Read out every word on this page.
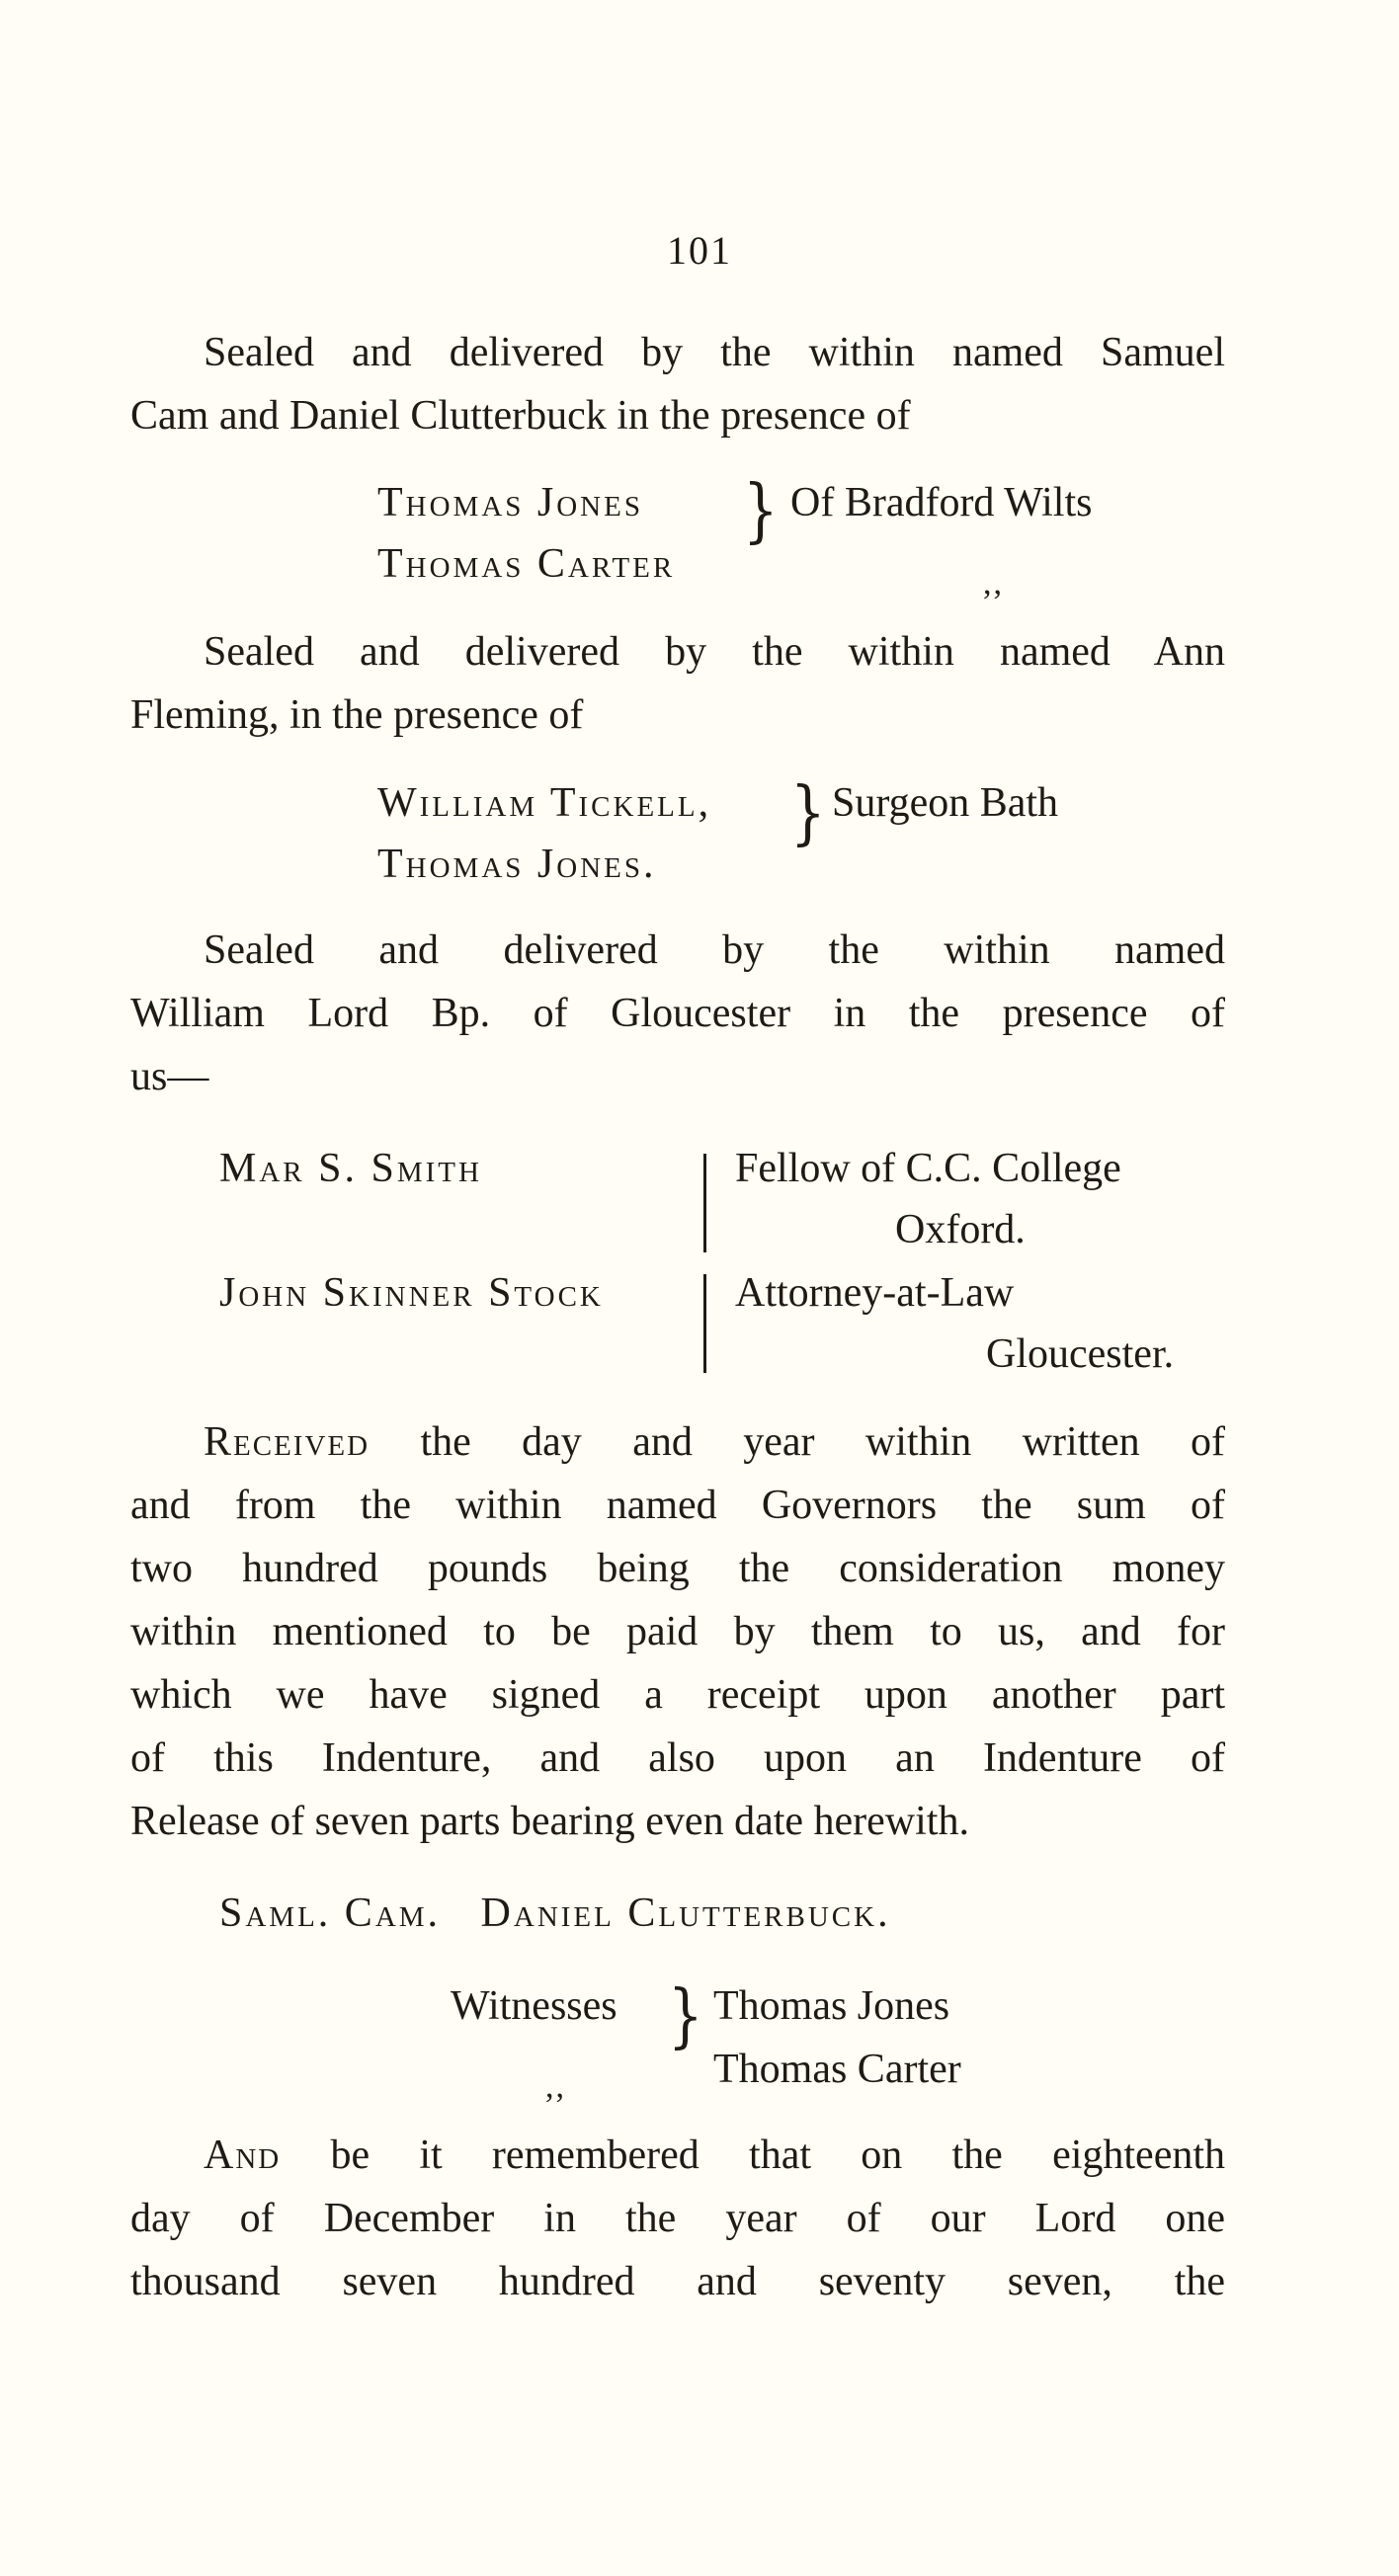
101
Sealed and delivered by the within named Samuel
Cam and Daniel Clutterbuck in the presence of
Thomas Jones
Thomas Carter
} Of Bradford Wilts
,,
Sealed and delivered by the within named Ann
Fleming, in the presence of
William Tickell,
Thomas Jones.
} Surgeon Bath
Sealed and delivered by the within named
William Lord Bp. of Gloucester in the presence of
us—
Mar S. Smith
John Skinner Stock
Fellow of C.C. College
Oxford.
Attorney-at-Law
Gloucester.
Received the day and year within written of
and from the within named Governors the sum of
two hundred pounds being the consideration money
within mentioned to be paid by them to us, and for
which we have signed a receipt upon another part
of this Indenture, and also upon an Indenture of
Release of seven parts bearing even date herewith.
Saml. Cam.   Daniel Clutterbuck.
Witnesses
,,
} Thomas Jones
Thomas Carter
And be it remembered that on the eighteenth
day of December in the year of our Lord one
thousand seven hundred and seventy seven, the
